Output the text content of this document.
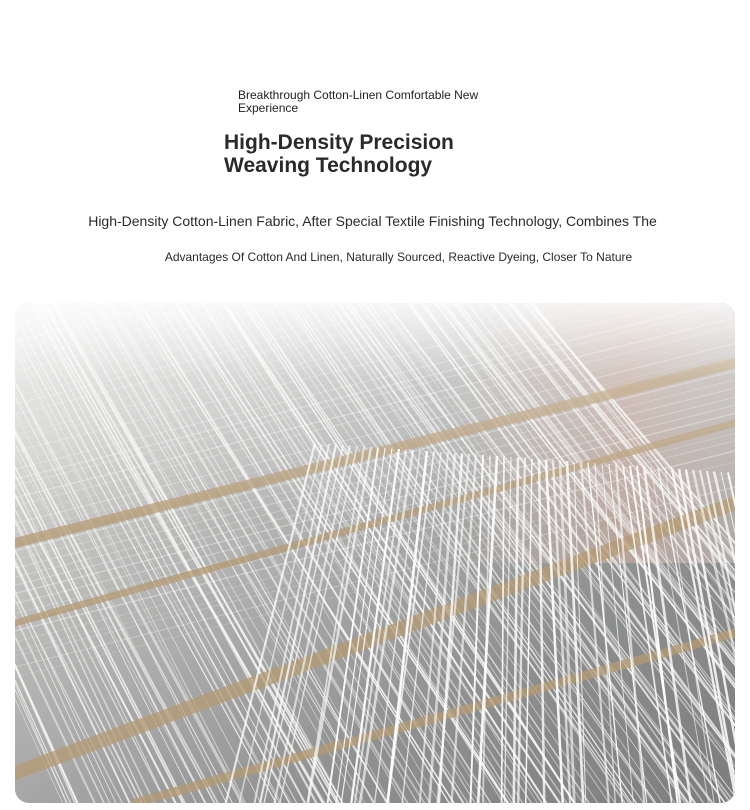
Breakthrough Cotton-Linen Comfortable New Experience
High-Density Precision
Weaving Technology
High-Density Cotton-Linen Fabric, After Special Textile Finishing Technology, Combines The
Advantages Of Cotton And Linen, Naturally Sourced, Reactive Dyeing, Closer To Nature
